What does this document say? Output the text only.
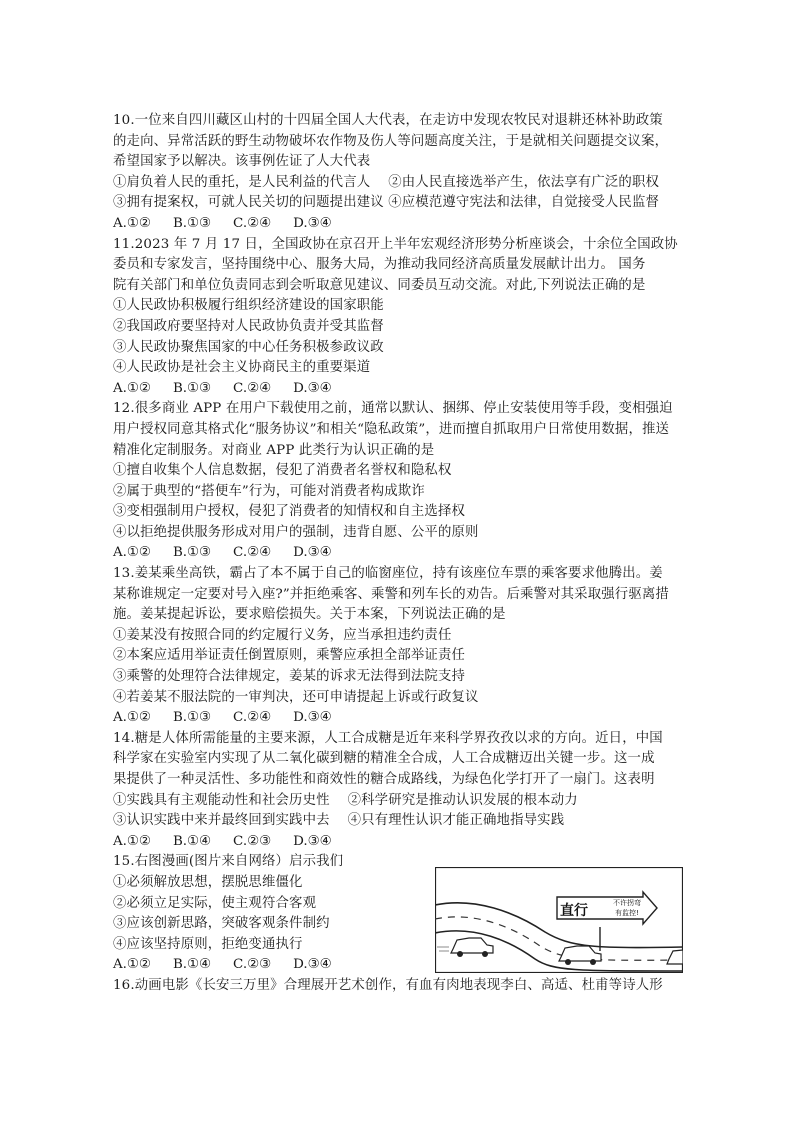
10.一位来自四川藏区山村的十四届全国人大代表，在走访中发现农牧民对退耕还林补助政策
的走向、异常活跃的野生动物破坏农作物及伤人等问题高度关注，于是就相关问题提交议案，
希望国家予以解决。该事例佐证了人大代表
①肩负着人民的重托，是人民利益的代言人　 ②由人民直接选举产生，依法享有广泛的职权
③拥有提案权，可就人民关切的问题提出建议 ④应模范遵守宪法和法律，自觉接受人民监督
A.①② B.①③ C.②④ D.③④
11.2023 年 7 月 17 日，全国政协在京召开上半年宏观经济形势分析座谈会，十余位全国政协
委员和专家发言，坚持围绕中心、服务大局，为推动我同经济高质量发展献计出力。 国务
院有关部门和单位负责同志到会听取意见建议、同委员互动交流。对此,下列说法正确的是
①人民政协积极履行组织经济建设的国家职能
②我国政府要坚持对人民政协负责并受其监督
③人民政协聚焦国家的中心任务积极参政议政
④人民政协是社会主义协商民主的重要渠道
A.①② B.①③ C.②④ D.③④
12.很多商业 APP 在用户下载使用之前，通常以默认、捆绑、停止安装使用等手段，变相强迫
用户授权同意其格式化“服务协议”和相关“隐私政策”，进而擅自抓取用户日常使用数据，推送
精准化定制服务。对商业 APP 此类行为认识正确的是
①擅自收集个人信息数据，侵犯了消费者名誉权和隐私权
②属于典型的“搭便车”行为，可能对消费者构成欺诈
③变相强制用户授权，侵犯了消费者的知情权和自主选择权
④以拒绝提供服务形成对用户的强制，违背自愿、公平的原则
A.①② B.①③ C.②④ D.③④
13.姜某乘坐高铁，霸占了本不属于自己的临窗座位，持有该座位车票的乘客要求他腾出。姜
某称谁规定一定要对号入座?”并拒绝乘客、乘警和列车长的劝告。后乘警对其采取强行驱离措
施。姜某提起诉讼，要求赔偿损失。关于本案，下列说法正确的是
①姜某没有按照合同的约定履行义务，应当承担违约责任
②本案应适用举证责任倒置原则，乘警应承担全部举证责任
③乘警的处理符合法律规定，姜某的诉求无法得到法院支持
④若姜某不服法院的一审判决，还可申请提起上诉或行政复议
A.①② B.①③ C.②④ D.③④
14.糖是人体所需能量的主要来源，人工合成糖是近年来科学界孜孜以求的方向。近日，中国
科学家在实验室内实现了从二氧化碳到糖的精准全合成，人工合成糖迈出关键一步。这一成
果提供了一种灵活性、多功能性和商效性的糖合成路线，为绿色化学打开了一扇门。这表明
①实践具有主观能动性和社会历史性　 ②科学研究是推动认识发展的根本动力
③认识实践中来并最终回到实践中去　 ④只有理性认识才能正确地指导实践
A.①② B.①④ C.②③ D.③④
15.右图漫画(图片来自网络）启示我们
①必须解放思想，摆脱思维僵化
②必须立足实际，使主观符合客观
③应该创新思路，突破客观条件制约
④应该坚持原则，拒绝变通执行
A.①② B.①④ C.②③ D.③④
16.动画电影《长安三万里》合理展开艺术创作，有血有肉地表现李白、高适、杜甫等诗人形
直行	不许拐弯
有监控!
